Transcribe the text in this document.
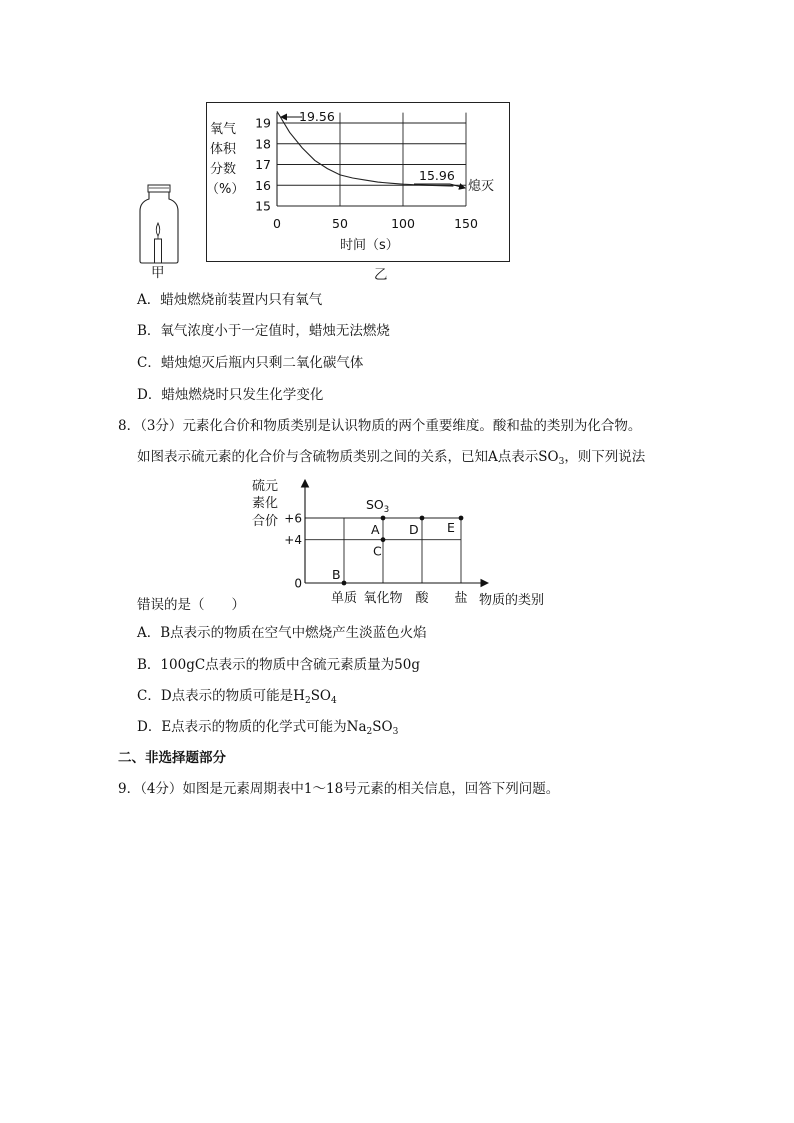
甲
0	50	100	150
19
18
17
16
15
19.56
15.96
熄灭
氧气
体积
分数
（%）
时间（s）
乙
A．蜡烛燃烧前装置内只有氧气
B．氧气浓度小于一定值时，蜡烛无法燃烧
C．蜡烛熄灭后瓶内只剩二氧化碳气体
D．蜡烛燃烧时只发生化学变化
8．（3分）元素化合价和物质类别是认识物质的两个重要维度。酸和盐的类别为化合物。
如图表示硫元素的化合价与含硫物质类别之间的关系，已知A点表示$SO_3$，则下列说法
+6
+4
0
单质 氧化物 酸 盐
A
B
C
D E
硫元
素化
合价
$SO_3$
物质的类别
错误的是（　　）
A．B点表示的物质在空气中燃烧产生淡蓝色火焰
B．100gC点表示的物质中含硫元素质量为50g
C．D点表示的物质可能是$H_2SO_4$
D．E点表示的物质的化学式可能为$Na_2SO_3$
二、非选择题部分
9．（4分）如图是元素周期表中1～18号元素的相关信息，回答下列问题。
